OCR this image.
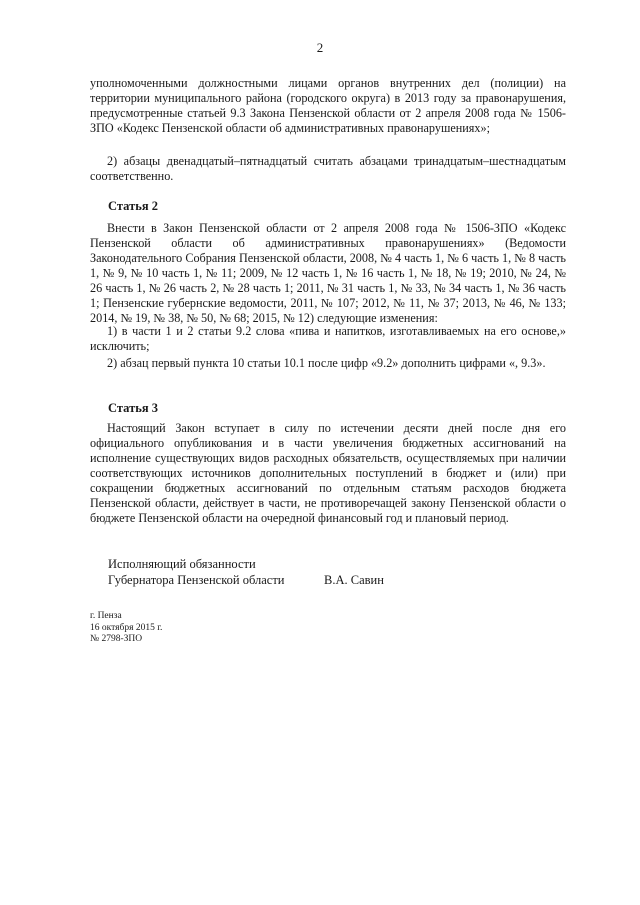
2

уполномоченными должностными лицами органов внутренних дел (полиции) на территории муниципального района (городского округа) в 2013 году за правонарушения, предусмотренные статьей 9.3 Закона Пензенской области от 2 апреля 2008 года № 1506-ЗПО «Кодекс Пензенской области об административных правонарушениях»;

2) абзацы двенадцатый–пятнадцатый считать абзацами тринадцатым–шестнадцатым соответственно.

Статья 2

Внести в Закон Пензенской области от 2 апреля 2008 года № 1506-ЗПО «Кодекс Пензенской области об административных правонарушениях» (Ведомости Законодательного Собрания Пензенской области, 2008, № 4 часть 1, № 6 часть 1, № 8 часть 1, № 9, № 10 часть 1, № 11; 2009, № 12 часть 1, № 16 часть 1, № 18, № 19; 2010, № 24, № 26 часть 1, № 26 часть 2, № 28 часть 1; 2011, № 31 часть 1, № 33, № 34 часть 1, № 36 часть 1; Пензенские губернские ведомости, 2011, № 107; 2012, № 11, № 37; 2013, № 46, № 133; 2014, № 19, № 38, № 50, № 68; 2015, № 12) следующие изменения:

1) в части 1 и 2 статьи 9.2 слова «пива и напитков, изготавливаемых на его основе,» исключить;

2) абзац первый пункта 10 статьи 10.1 после цифр «9.2» дополнить цифрами «, 9.3».

Статья 3

Настоящий Закон вступает в силу по истечении десяти дней после дня его официального опубликования и в части увеличения бюджетных ассигнований на исполнение существующих видов расходных обязательств, осуществляемых при наличии соответствующих источников дополнительных поступлений в бюджет и (или) при сокращении бюджетных ассигнований по отдельным статьям расходов бюджета Пензенской области, действует в части, не противоречащей закону Пензенской области о бюджете Пензенской области на очередной финансовый год и плановый период.

Исполняющий обязанности
Губернатора Пензенской области	В.А. Савин
г. Пенза
16 октября 2015 г.
№ 2798-ЗПО
